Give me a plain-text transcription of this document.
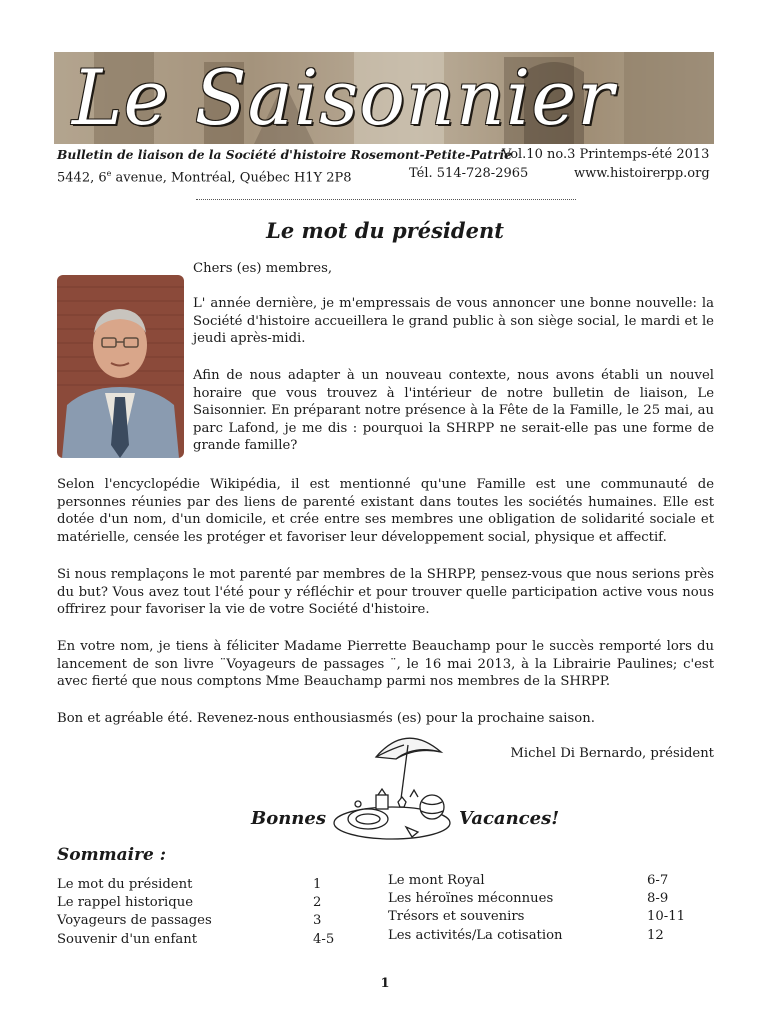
Le Saisonnier
Bulletin de liaison de la Société d'histoire Rosemont-Petite-Patrie
Vol.10 no.3 Printemps-été 2013
5442, 6e avenue, Montréal, Québec H1Y 2P8	Tél. 514-728-2965	www.histoirerpp.org
Le mot du président
Chers (es) membres,
L' année dernière, je m'empressais de vous annoncer une bonne nouvelle: la Société d'histoire accueillera le grand public à son siège social, le mardi et le jeudi après-midi.
Afin de nous adapter à un nouveau contexte, nous avons établi un nouvel horaire que vous trouvez à l'intérieur de notre bulletin de liaison, Le Saisonnier. En préparant notre présence à la Fête de la Famille, le 25 mai, au parc Lafond, je me dis : pourquoi la SHRPP ne serait-elle pas une forme de grande famille?
Selon l'encyclopédie Wikipédia, il est mentionné qu'une Famille est une communauté de personnes réunies par des liens de parenté existant dans toutes les sociétés humaines. Elle est dotée d'un nom, d'un domicile, et crée entre ses membres une obligation de solidarité sociale et matérielle, censée les protéger et favoriser leur développement social, physique et affectif.
Si nous remplaçons le mot parenté par membres de la SHRPP, pensez-vous que nous serions près du but? Vous avez tout l'été pour y réfléchir et pour trouver quelle participation active vous nous offrirez pour favoriser la vie de votre Société d'histoire.
En votre nom, je tiens à féliciter Madame Pierrette Beauchamp pour le succès remporté lors du lancement de son livre ¨Voyageurs de passages ¨, le 16 mai 2013, à la Librairie Paulines; c'est avec fierté que nous comptons Mme Beauchamp parmi nos membres de la SHRPP.
Bon et agréable été. Revenez-nous enthousiasmés (es) pour la prochaine saison.
Michel Di Bernardo, président
Bonnes	Vacances!
Sommaire :
Le mot du président	1
Le rappel historique	2
Voyageurs de passages	3
Souvenir d'un enfant	4-5
Le mont Royal	6-7
Les héroïnes méconnues	8-9
Trésors et souvenirs	10-11
Les activités/La cotisation	12
1
